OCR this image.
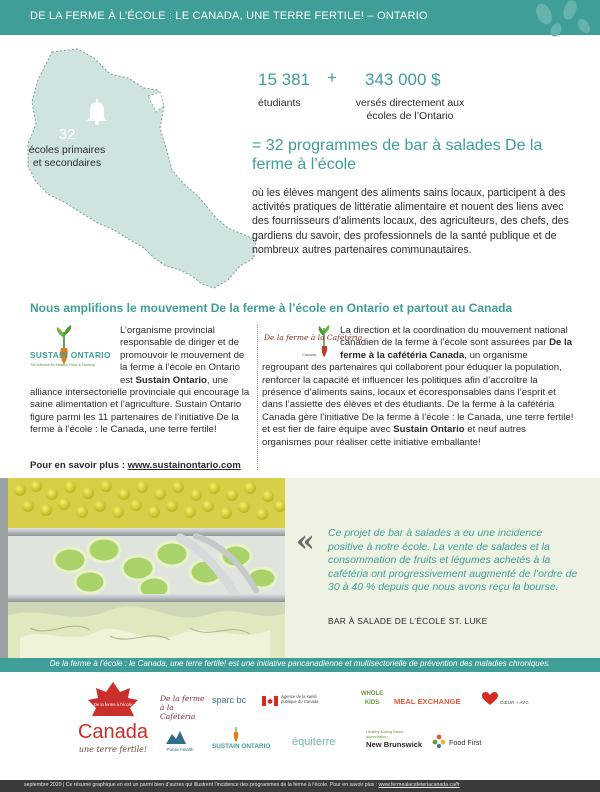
DE LA FERME À L’ÉCOLE : LE CANADA, UNE TERRE FERTILE! – ONTARIO
32
écoles primaires et secondaires
15 381 + 343 000 $
étudiants	versés directement aux écoles de l’Ontario
= 32 programmes de bar à salades De la ferme à l’école
où les élèves mangent des aliments sains locaux, participent à des activités pratiques de littératie alimentaire et nouent des liens avec des fournisseurs d’aliments locaux, des agriculteurs, des chefs, des gardiens du savoir, des professionnels de la santé publique et de nombreux autres partenaires communautaires.
Nous amplifions le mouvement De la ferme à l’école en Ontario et partout au Canada
SUSTAIN ONTARIO
The Alliance for Healthy Food & Farming
L’organisme provincial responsable de diriger et de promouvoir le mouvement de la ferme à l’école en Ontario est Sustain Ontario, une alliance intersectorielle provinciale qui encourage la saine alimentation et l’agriculture. Sustain Ontario figure parmi les 11 partenaires de l’initiative De la ferme à l’école : le Canada, une terre fertile!
Pour en savoir plus : www.sustainontario.com
De la ferme à la Cafétéria
Canada
La direction et la coordination du mouvement national canadien de la ferme à l’école sont assurées par De la ferme à la cafétéria Canada, un organisme regroupant des partenaires qui collaborent pour éduquer la population, renforcer la capacité et influencer les politiques afin d’accroître la présence d’aliments sains, locaux et écoresponsables dans l’esprit et dans l’assiette des élèves et des étudiants. De la ferme à la cafétéria Canada gère l’initiative De la ferme à l’école : le Canada, une terre fertile! et est fier de faire équipe avec Sustain Ontario et neuf autres organismes pour réaliser cette initiative emballante!
« Ce projet de bar à salades a eu une incidence positive à notre école. La vente de salades et la consommation de fruits et légumes achetés à la cafétéria ont progressivement augmenté de l’ordre de 30 à 40 % depuis que nous avons reçu la bourse.
BAR À SALADE DE L’ÉCOLE ST. LUKE
De la ferme à l’école : le Canada, une terre fertile! est une initiative pancanadienne et multisectorielle de prévention des maladies chroniques.
De la ferme à l'école
Canada
une terre fertile!
De la ferme à la Cafétéria
sparc bc	Agence de la santé publique du Canada
WHOLE KIDS	MEAL EXCHANGE	CŒUR + AVC
Public Health	SUSTAIN ONTARIO équiterre
Healthy Eating Saine alimentation
New Brunswick	Food First
septembre 2020 | Ce résumé graphique en est un parmi bien d’autres qui illustrent l’incidence des programmes de la ferme à l’école. Pour en savoir plus : www.fermealacafeteriacanada.ca/fr
